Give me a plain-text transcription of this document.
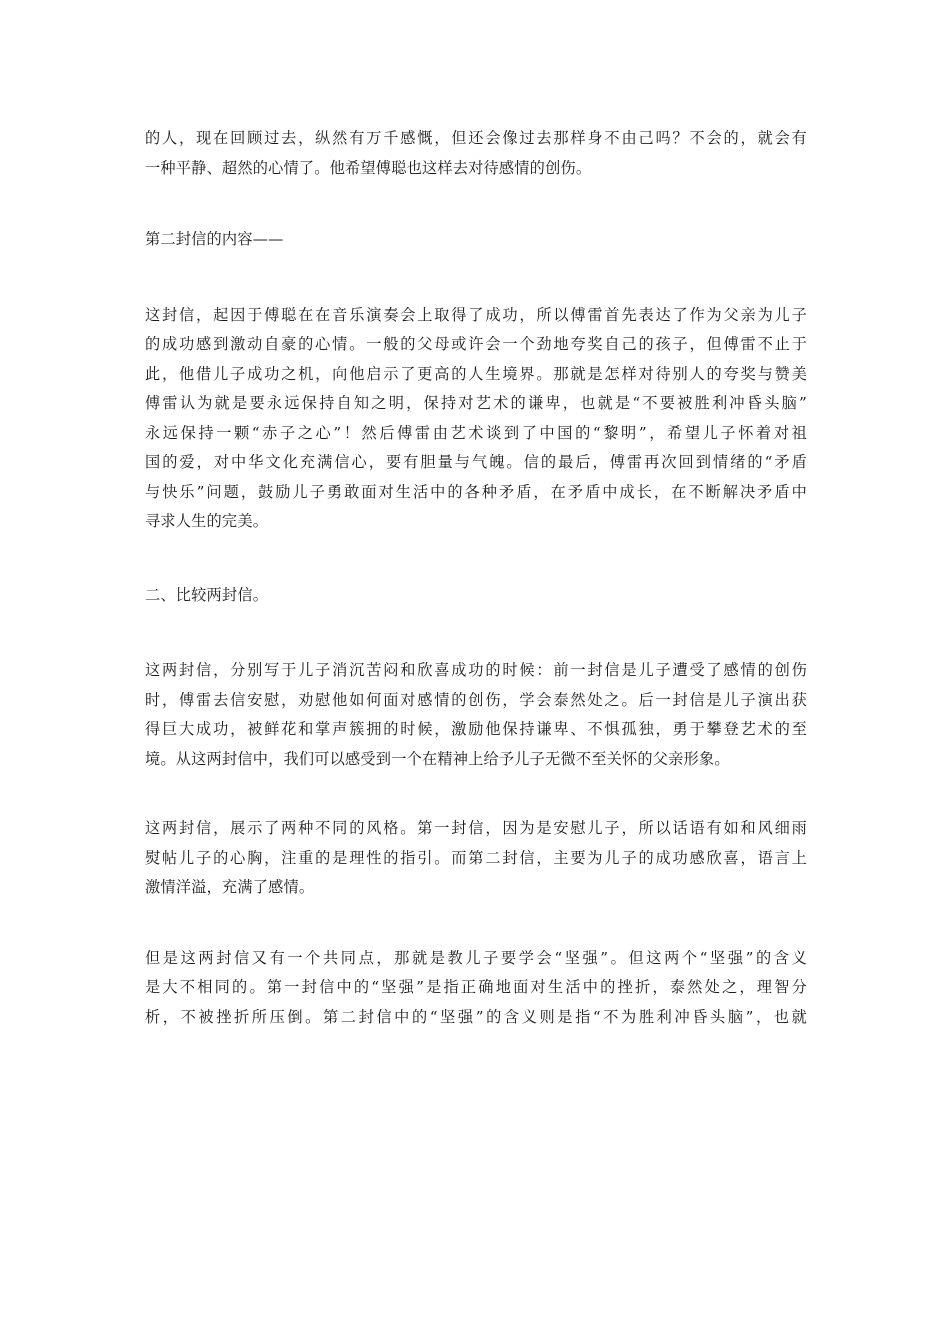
的人，现在回顾过去，纵然有万千感慨，但还会像过去那样身不由己吗？不会的，就会有
一种平静、超然的心情了。他希望傅聪也这样去对待感情的创伤。
第二封信的内容——
这封信，起因于傅聪在在音乐演奏会上取得了成功，所以傅雷首先表达了作为父亲为儿子
的成功感到激动自豪的心情。一般的父母或许会一个劲地夸奖自己的孩子，但傅雷不止于
此，他借儿子成功之机，向他启示了更高的人生境界。那就是怎样对待别人的夸奖与赞美
傅雷认为就是要永远保持自知之明，保持对艺术的谦卑，也就是“不要被胜利冲昏头脑”
永远保持一颗“赤子之心”！然后傅雷由艺术谈到了中国的“黎明”，希望儿子怀着对祖
国的爱，对中华文化充满信心，要有胆量与气魄。信的最后，傅雷再次回到情绪的“矛盾
与快乐”问题，鼓励儿子勇敢面对生活中的各种矛盾，在矛盾中成长，在不断解决矛盾中
寻求人生的完美。
二、比较两封信。
这两封信，分别写于儿子消沉苦闷和欣喜成功的时候：前一封信是儿子遭受了感情的创伤
时，傅雷去信安慰，劝慰他如何面对感情的创伤，学会泰然处之。后一封信是儿子演出获
得巨大成功，被鲜花和掌声簇拥的时候，激励他保持谦卑、不惧孤独，勇于攀登艺术的至
境。从这两封信中，我们可以感受到一个在精神上给予儿子无微不至关怀的父亲形象。
这两封信，展示了两种不同的风格。第一封信，因为是安慰儿子，所以话语有如和风细雨
熨帖儿子的心胸，注重的是理性的指引。而第二封信，主要为儿子的成功感欣喜，语言上
激情洋溢，充满了感情。
但是这两封信又有一个共同点，那就是教儿子要学会“坚强”。但这两个“坚强”的含义
是大不相同的。第一封信中的“坚强”是指正确地面对生活中的挫折，泰然处之，理智分
析，不被挫折所压倒。第二封信中的“坚强”的含义则是指“不为胜利冲昏头脑”，也就
